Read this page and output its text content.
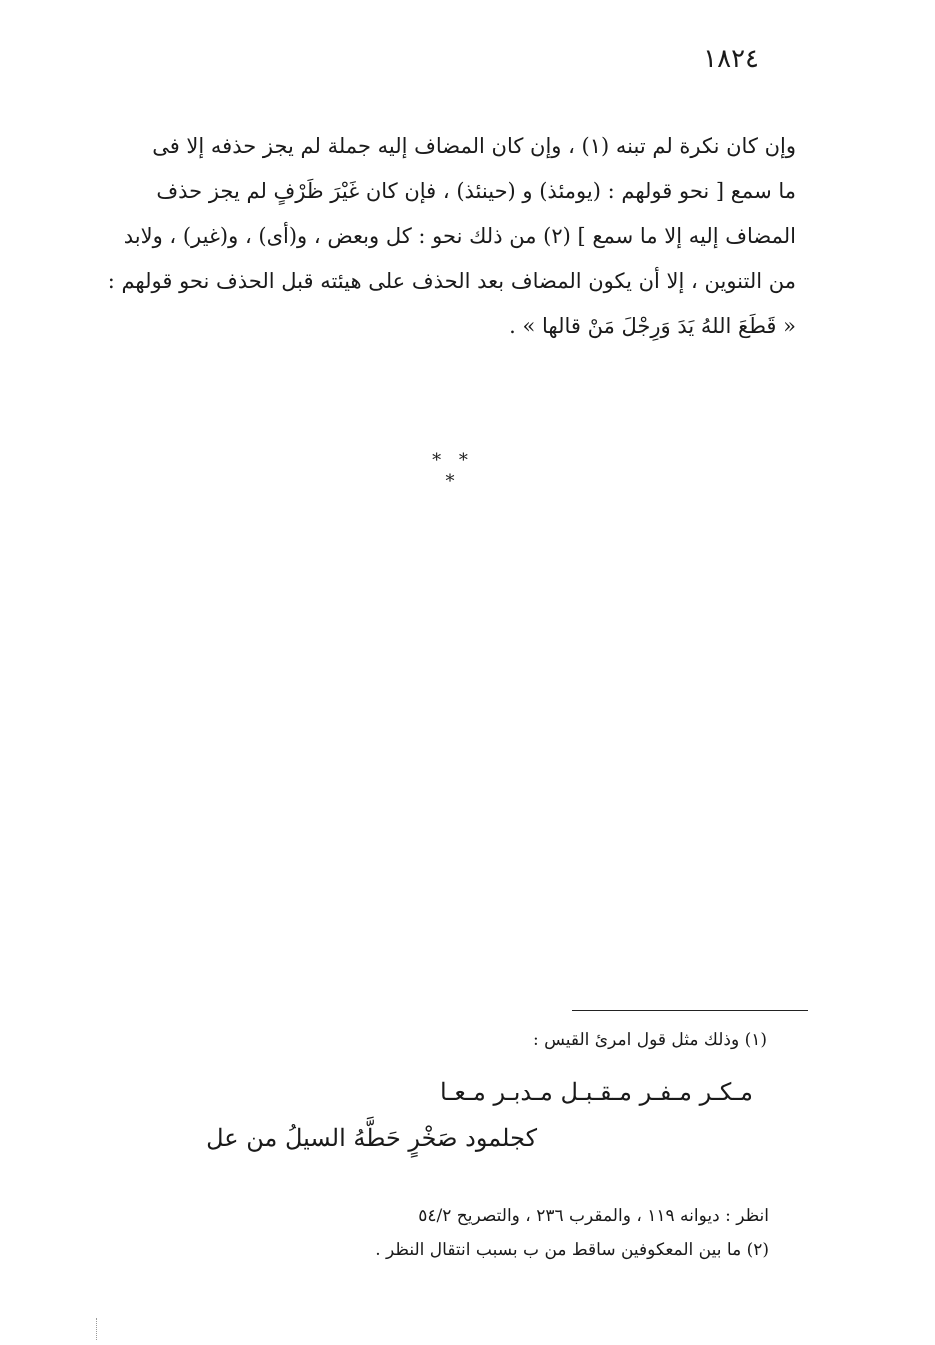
١٨٢٤
وإن كان نكرة لم تبنه (١) ، وإن كان المضاف إليه جملة لم يجز حذفه إلا فى
ما سمع [ نحو قولهم : (يومئذ) و (حينئذ) ، فإن كان غَيْرَ ظَرْفٍ لم يجز حذف
المضاف إليه إلا ما سمع ] (٢) من ذلك نحو : كل وبعض ، و(أى) ، و(غير) ، ولابد
من التنوين ، إلا أن يكون المضاف بعد الحذف على هيئته قبل الحذف نحو قولهم :
« قَطَعَ اللهُ يَدَ وَرِجْلَ مَنْ قالها » .
* * *
(١) وذلك مثل قول امرئ القيس :
مـكـر مـفـر مـقـبـل مـدبـر مـعـا
كجلمود صَخْرٍ حَطَّهُ السيلُ من عل
انظر : ديوانه ١١٩ ، والمقرب ٢٣٦ ، والتصريح ٥٤/٢
(٢) ما بين المعكوفين ساقط من ب بسبب انتقال النظر .
